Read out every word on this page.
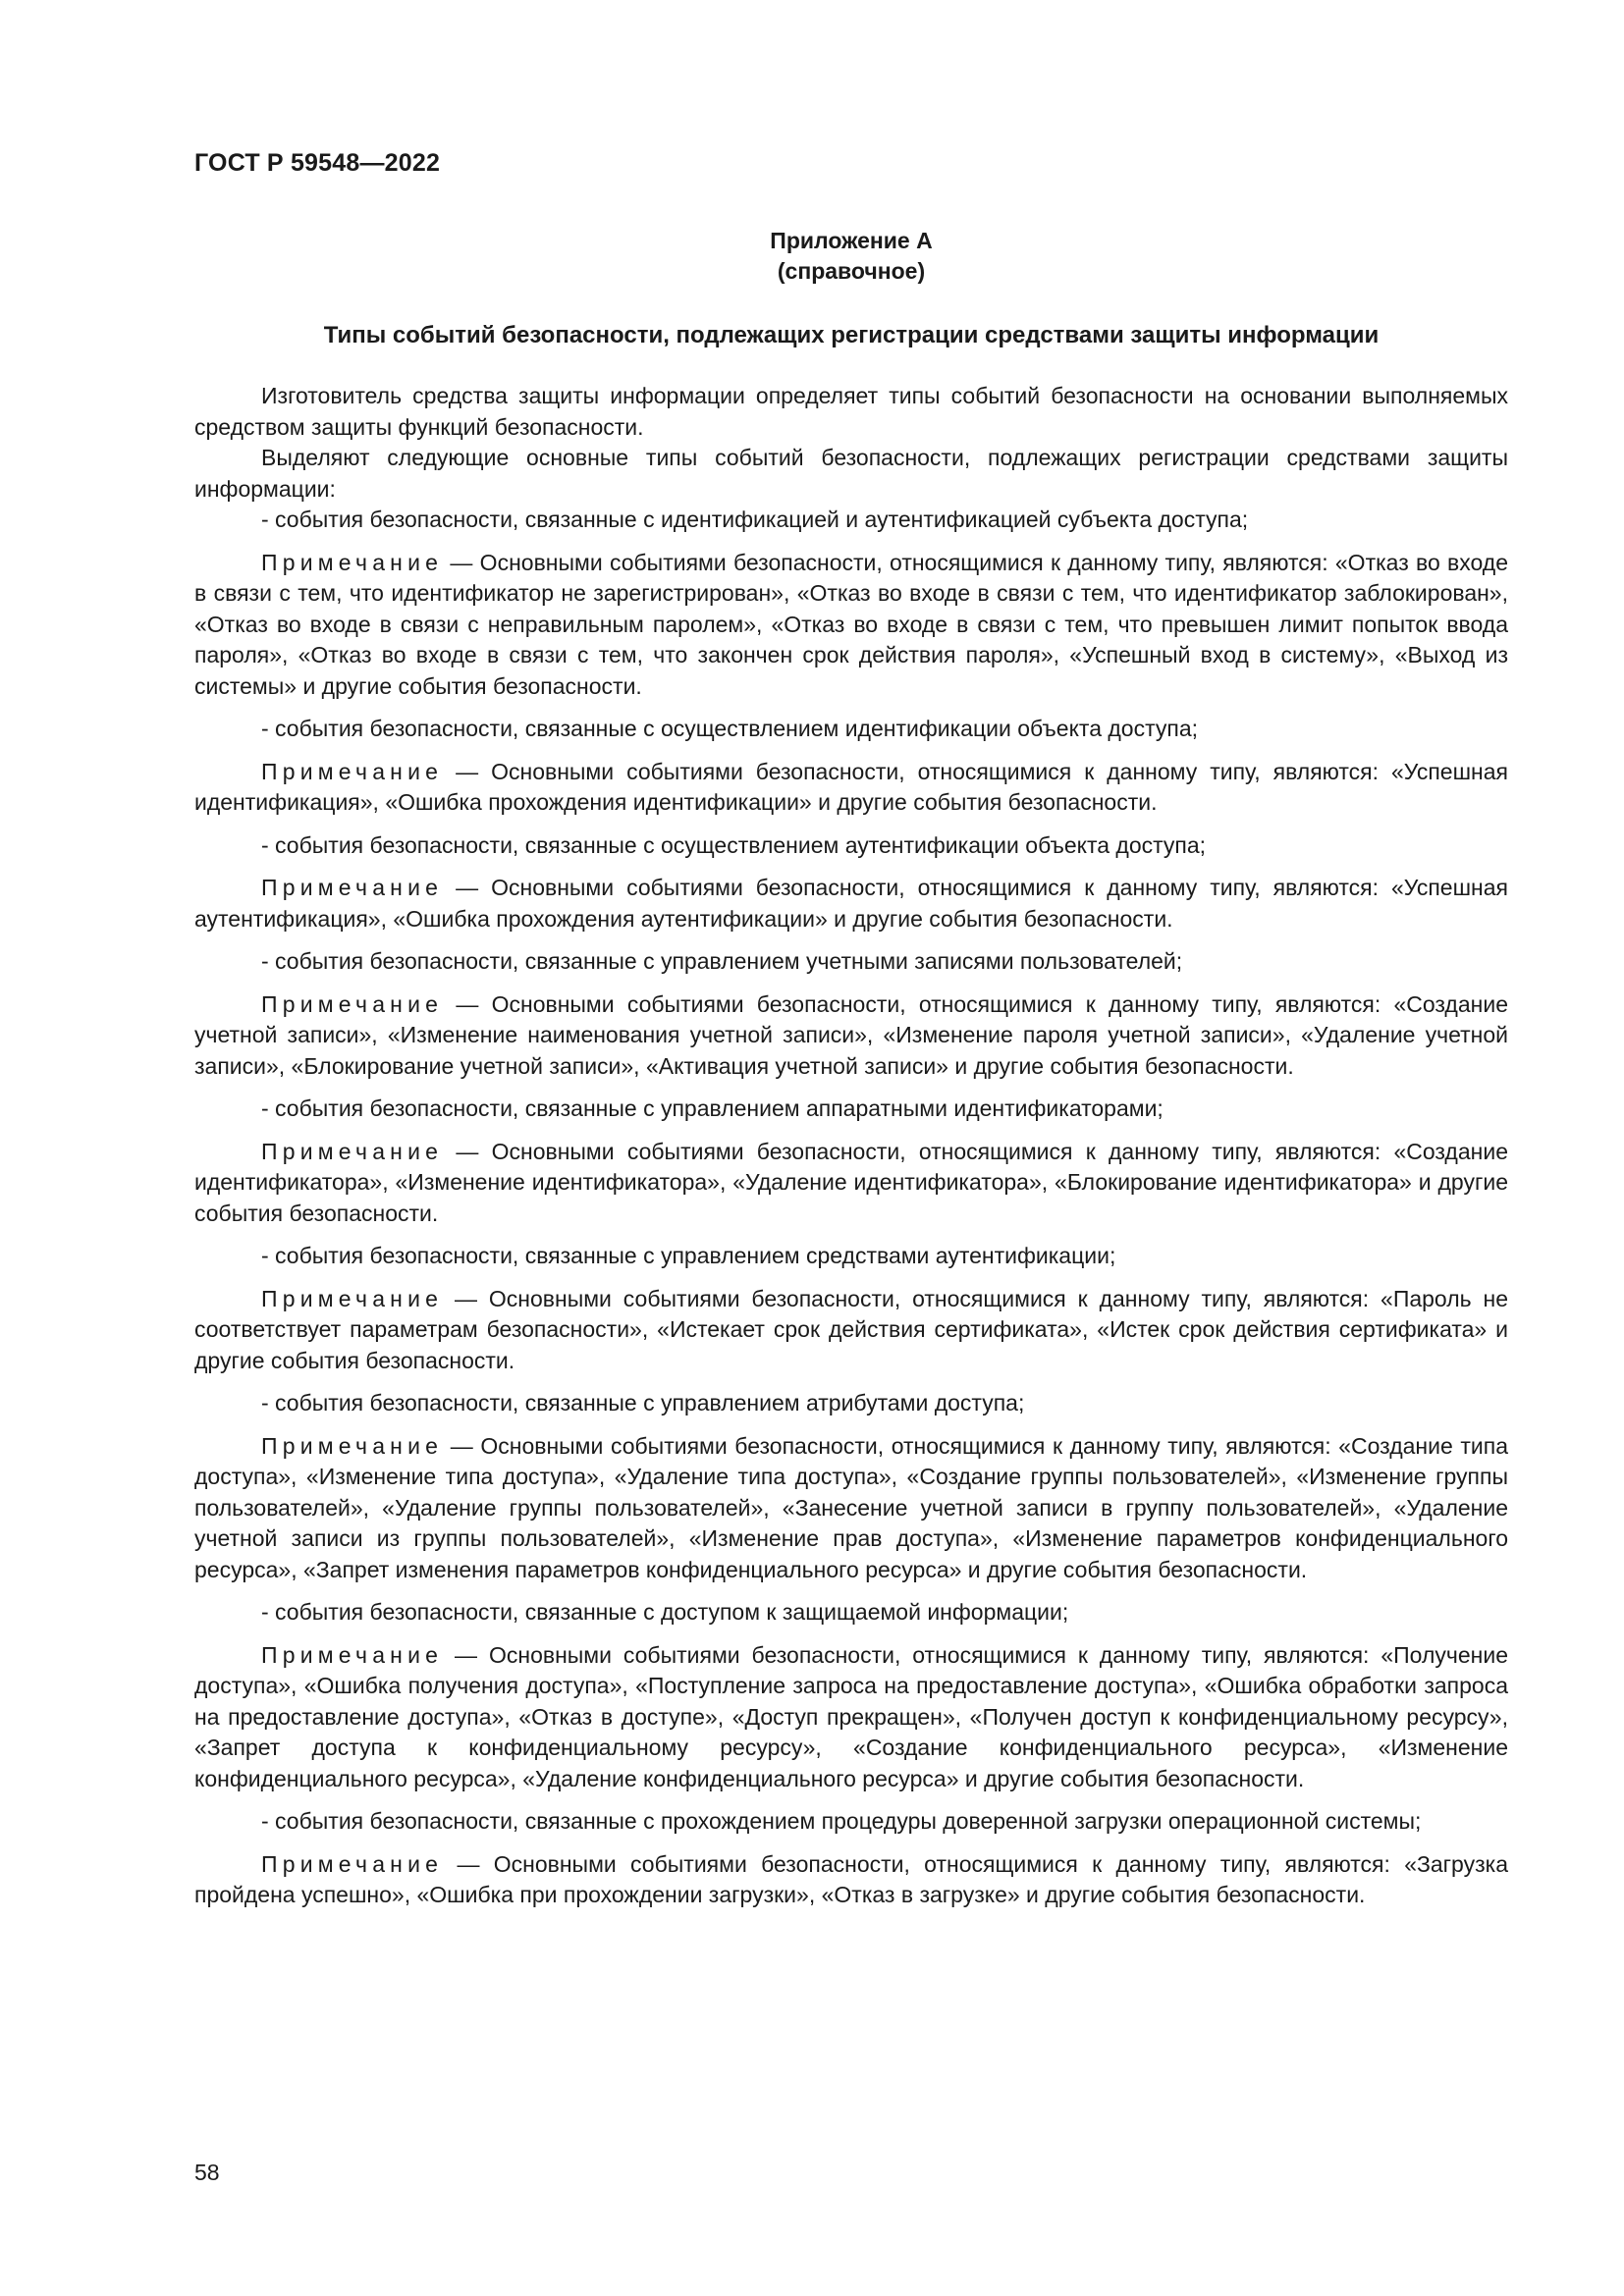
ГОСТ Р 59548—2022
Приложение А
(справочное)
Типы событий безопасности, подлежащих регистрации средствами защиты информации

Изготовитель средства защиты информации определяет типы событий безопасности на основании выполняемых средством защиты функций безопасности.

Выделяют следующие основные типы событий безопасности, подлежащих регистрации средствами защиты информации:

- события безопасности, связанные с идентификацией и аутентификацией субъекта доступа;

Примечание — Основными событиями безопасности, относящимися к данному типу, являются: «Отказ во входе в связи с тем, что идентификатор не зарегистрирован», «Отказ во входе в связи с тем, что идентификатор заблокирован», «Отказ во входе в связи с неправильным паролем», «Отказ во входе в связи с тем, что превышен лимит попыток ввода пароля», «Отказ во входе в связи с тем, что закончен срок действия пароля», «Успешный вход в систему», «Выход из системы» и другие события безопасности.

- события безопасности, связанные с осуществлением идентификации объекта доступа;

Примечание — Основными событиями безопасности, относящимися к данному типу, являются: «Успешная идентификация», «Ошибка прохождения идентификации» и другие события безопасности.

- события безопасности, связанные с осуществлением аутентификации объекта доступа;

Примечание — Основными событиями безопасности, относящимися к данному типу, являются: «Успешная аутентификация», «Ошибка прохождения аутентификации» и другие события безопасности.

- события безопасности, связанные с управлением учетными записями пользователей;

Примечание — Основными событиями безопасности, относящимися к данному типу, являются: «Создание учетной записи», «Изменение наименования учетной записи», «Изменение пароля учетной записи», «Удаление учетной записи», «Блокирование учетной записи», «Активация учетной записи» и другие события безопасности.

- события безопасности, связанные с управлением аппаратными идентификаторами;

Примечание — Основными событиями безопасности, относящимися к данному типу, являются: «Создание идентификатора», «Изменение идентификатора», «Удаление идентификатора», «Блокирование идентификатора» и другие события безопасности.

- события безопасности, связанные с управлением средствами аутентификации;

Примечание — Основными событиями безопасности, относящимися к данному типу, являются: «Пароль не соответствует параметрам безопасности», «Истекает срок действия сертификата», «Истек срок действия сертификата» и другие события безопасности.

- события безопасности, связанные с управлением атрибутами доступа;

Примечание — Основными событиями безопасности, относящимися к данному типу, являются: «Создание типа доступа», «Изменение типа доступа», «Удаление типа доступа», «Создание группы пользователей», «Изменение группы пользователей», «Удаление группы пользователей», «Занесение учетной записи в группу пользователей», «Удаление учетной записи из группы пользователей», «Изменение прав доступа», «Изменение параметров конфиденциального ресурса», «Запрет изменения параметров конфиденциального ресурса» и другие события безопасности.

- события безопасности, связанные с доступом к защищаемой информации;

Примечание — Основными событиями безопасности, относящимися к данному типу, являются: «Получение доступа», «Ошибка получения доступа», «Поступление запроса на предоставление доступа», «Ошибка обработки запроса на предоставление доступа», «Отказ в доступе», «Доступ прекращен», «Получен доступ к конфиденциальному ресурсу», «Запрет доступа к конфиденциальному ресурсу», «Создание конфиденциального ресурса», «Изменение конфиденциального ресурса», «Удаление конфиденциального ресурса» и другие события безопасности.

- события безопасности, связанные с прохождением процедуры доверенной загрузки операционной системы;

Примечание — Основными событиями безопасности, относящимися к данному типу, являются: «Загрузка пройдена успешно», «Ошибка при прохождении загрузки», «Отказ в загрузке» и другие события безопасности.

58
